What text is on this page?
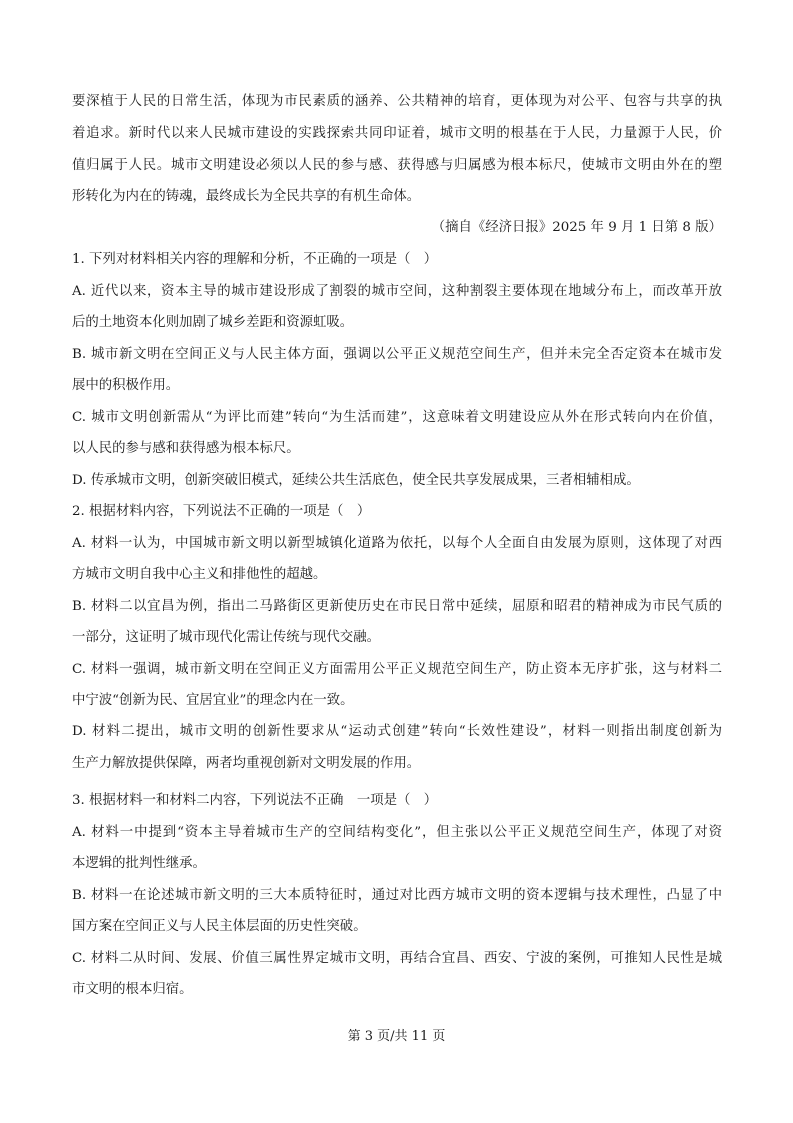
要深植于人民的日常生活，体现为市民素质的涵养、公共精神的培育，更体现为对公平、包容与共享的执
着追求。新时代以来人民城市建设的实践探索共同印证着，城市文明的根基在于人民，力量源于人民，价
值归属于人民。城市文明建设必须以人民的参与感、获得感与归属感为根本标尺，使城市文明由外在的塑
形转化为内在的铸魂，最终成长为全民共享的有机生命体。
（摘自《经济日报》2025 年 9 月 1 日第 8 版）
1. 下列对材料相关内容的理解和分析，不正确的一项是（　）
A. 近代以来，资本主导的城市建设形成了割裂的城市空间，这种割裂主要体现在地域分布上，而改革开放
后的土地资本化则加剧了城乡差距和资源虹吸。
B. 城市新文明在空间正义与人民主体方面，强调以公平正义规范空间生产，但并未完全否定资本在城市发
展中的积极作用。
C. 城市文明创新需从“为评比而建”转向“为生活而建”，这意味着文明建设应从外在形式转向内在价值，
以人民的参与感和获得感为根本标尺。
D. 传承城市文明，创新突破旧模式，延续公共生活底色，使全民共享发展成果，三者相辅相成。
2. 根据材料内容，下列说法不正确的一项是（　）
A. 材料一认为，中国城市新文明以新型城镇化道路为依托，以每个人全面自由发展为原则，这体现了对西
方城市文明自我中心主义和排他性的超越。
B. 材料二以宜昌为例，指出二马路街区更新使历史在市民日常中延续，屈原和昭君的精神成为市民气质的
一部分，这证明了城市现代化需让传统与现代交融。
C. 材料一强调，城市新文明在空间正义方面需用公平正义规范空间生产，防止资本无序扩张，这与材料二
中宁波“创新为民、宜居宜业”的理念内在一致。
D. 材料二提出，城市文明的创新性要求从“运动式创建”转向“长效性建设”，材料一则指出制度创新为
生产力解放提供保障，两者均重视创新对文明发展的作用。
3. 根据材料一和材料二内容，下列说法不正确　一项是（　）
A. 材料一中提到“资本主导着城市生产的空间结构变化”，但主张以公平正义规范空间生产，体现了对资
本逻辑的批判性继承。
B. 材料一在论述城市新文明的三大本质特征时，通过对比西方城市文明的资本逻辑与技术理性，凸显了中
国方案在空间正义与人民主体层面的历史性突破。
C. 材料二从时间、发展、价值三属性界定城市文明，再结合宜昌、西安、宁波的案例，可推知人民性是城
市文明的根本归宿。
第 3 页/共 11 页
